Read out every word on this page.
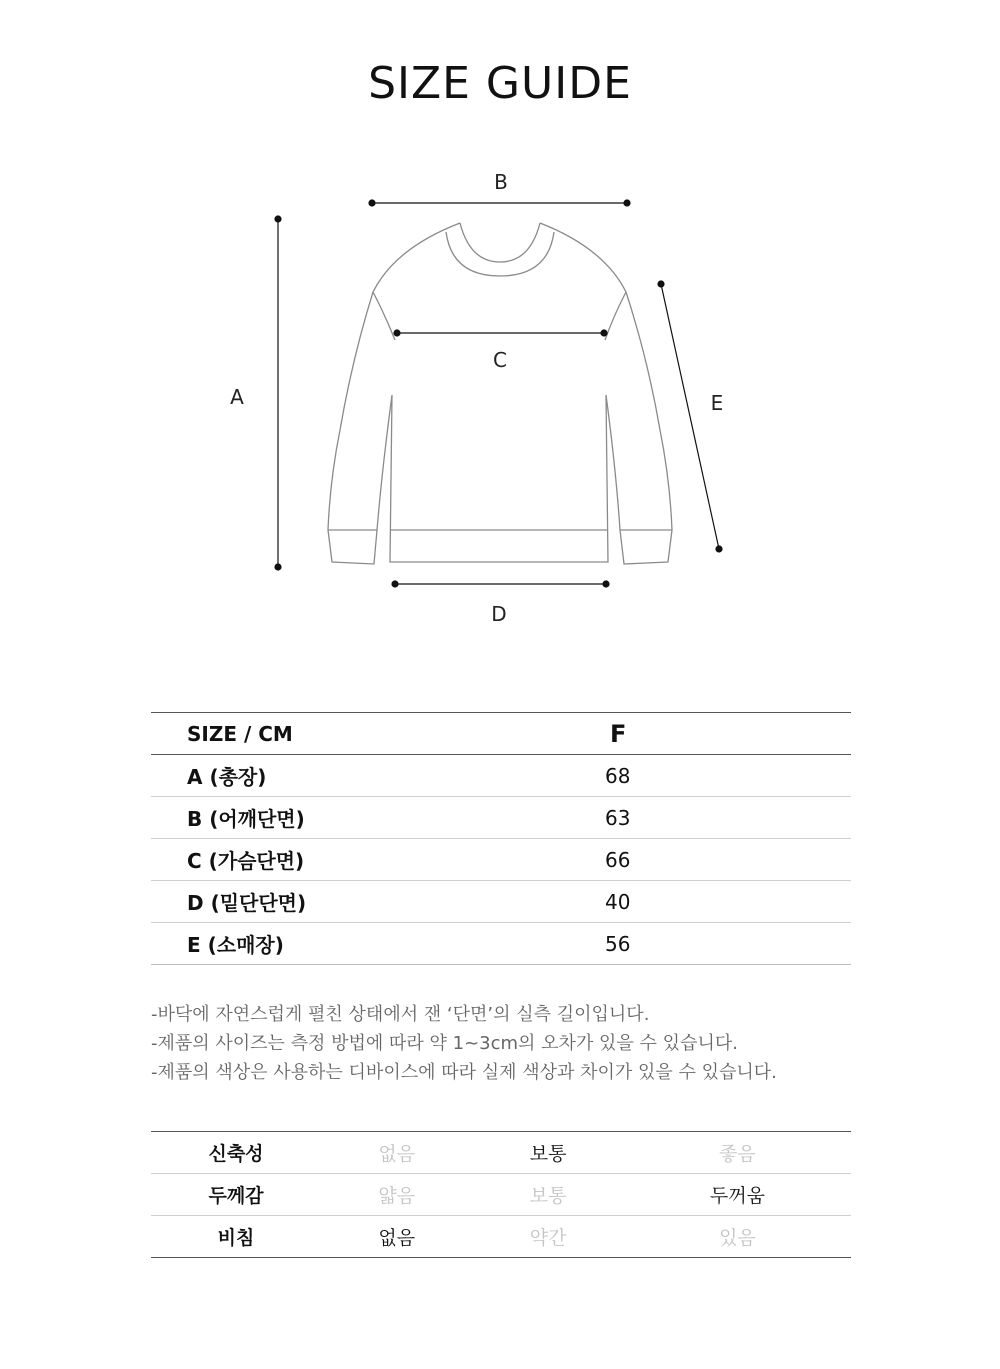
SIZE GUIDE
A
B
C
D
E
SIZE / CM	F
A (총장)	68
B (어깨단면)	63
C (가슴단면)	66
D (밑단단면)	40
E (소매장)	56
-바닥에 자연스럽게 펼친 상태에서 잰 ‘단면’의 실측 길이입니다.
-제품의 사이즈는 측정 방법에 따라 약 1~3cm의 오차가 있을 수 있습니다.
-제품의 색상은 사용하는 디바이스에 따라 실제 색상과 차이가 있을 수 있습니다.
신축성	없음	보통	좋음
두께감	얇음	보통	두꺼움
비침	없음	약간	있음
